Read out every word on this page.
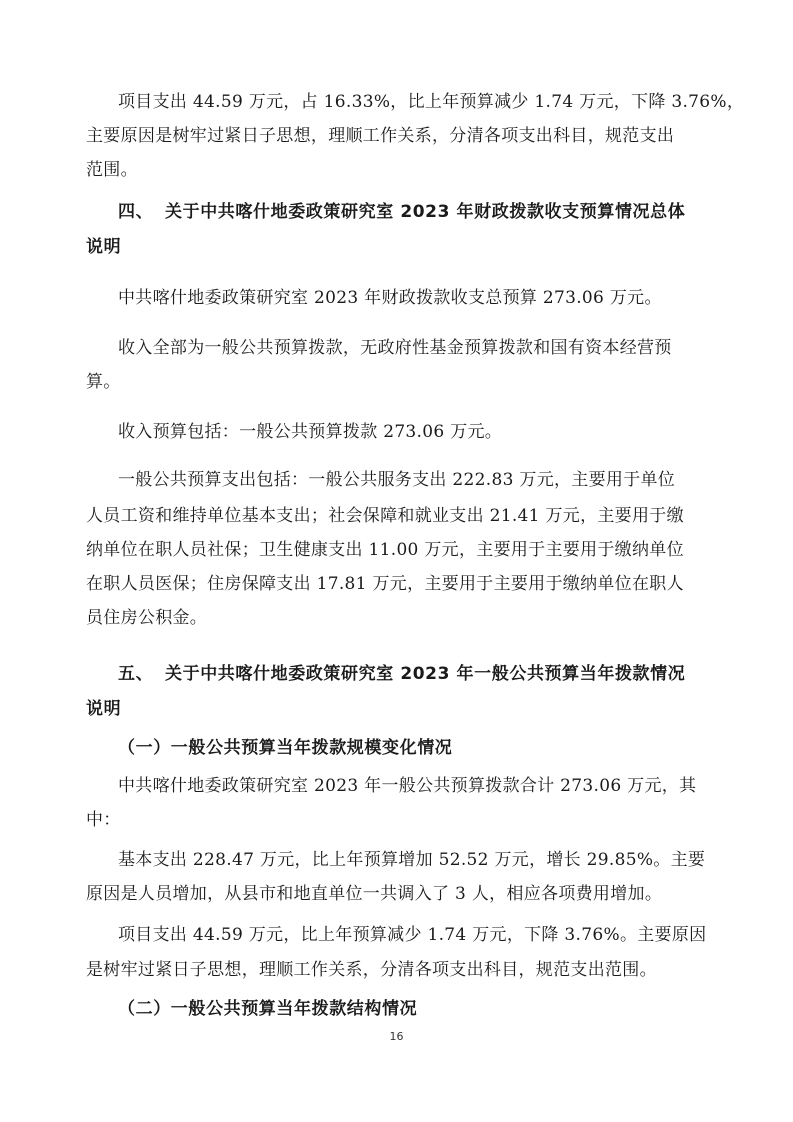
项目支出 44.59 万元，占 16.33%，比上年预算减少 1.74 万元，下降 3.76%，

主要原因是树牢过紧日子思想，理顺工作关系，分清各项支出科目，规范支出

范围。

四、 关于中共喀什地委政策研究室 2023 年财政拨款收支预算情况总体

说明

中共喀什地委政策研究室 2023 年财政拨款收支总预算 273.06 万元。

收入全部为一般公共预算拨款，无政府性基金预算拨款和国有资本经营预

算。

收入预算包括：一般公共预算拨款 273.06 万元。

一般公共预算支出包括：一般公共服务支出 222.83 万元，主要用于单位

人员工资和维持单位基本支出；社会保障和就业支出 21.41 万元，主要用于缴

纳单位在职人员社保；卫生健康支出 11.00 万元，主要用于主要用于缴纳单位

在职人员医保；住房保障支出 17.81 万元，主要用于主要用于缴纳单位在职人

员住房公积金。

五、 关于中共喀什地委政策研究室 2023 年一般公共预算当年拨款情况

说明

（一）一般公共预算当年拨款规模变化情况

中共喀什地委政策研究室 2023 年一般公共预算拨款合计 273.06 万元，其

中：

基本支出 228.47 万元，比上年预算增加 52.52 万元，增长 29.85%。主要

原因是人员增加，从县市和地直单位一共调入了 3 人，相应各项费用增加。

项目支出 44.59 万元，比上年预算减少 1.74 万元，下降 3.76%。主要原因

是树牢过紧日子思想，理顺工作关系，分清各项支出科目，规范支出范围。

（二）一般公共预算当年拨款结构情况

16
